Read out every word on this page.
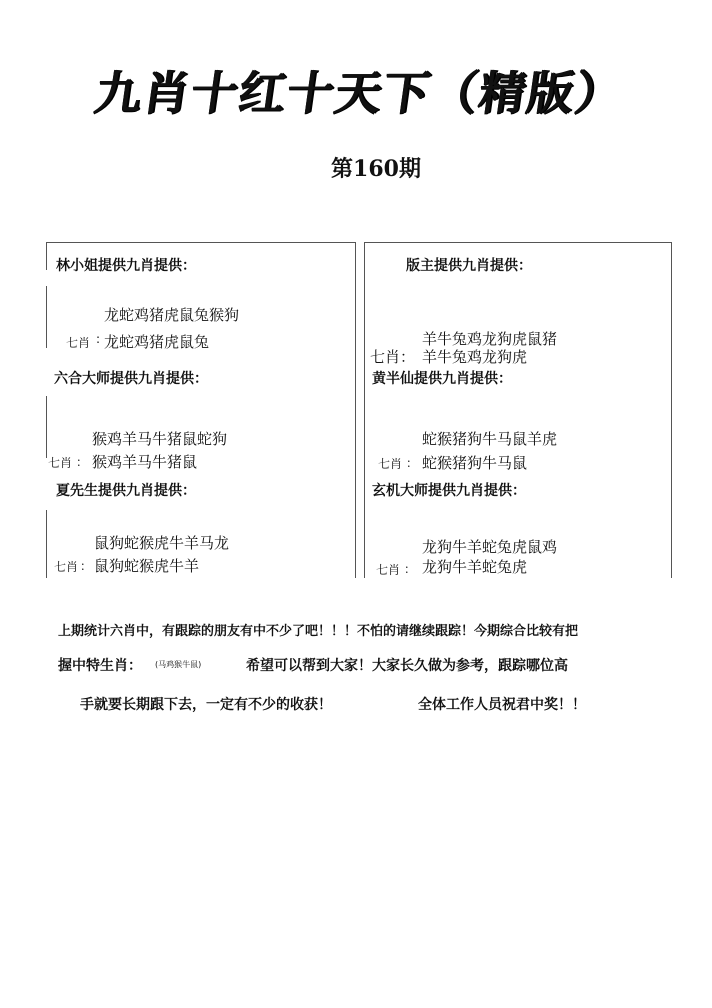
九肖十红十天下（精版）
第160期
林小姐提供九肖提供：
龙蛇鸡猪虎鼠兔猴狗
七肖 : 龙蛇鸡猪虎鼠兔
版主提供九肖提供：
羊牛兔鸡龙狗虎鼠猪
七肖 ： 羊牛兔鸡龙狗虎
六合大师提供九肖提供：
猴鸡羊马牛猪鼠蛇狗
七肖 ： 猴鸡羊马牛猪鼠
黄半仙提供九肖提供：
蛇猴猪狗牛马鼠羊虎
七肖 ： 蛇猴猪狗牛马鼠
夏先生提供九肖提供：
鼠狗蛇猴虎牛羊马龙
七肖 ： 鼠狗蛇猴虎牛羊
玄机大师提供九肖提供：
龙狗牛羊蛇兔虎鼠鸡
七肖 ： 龙狗牛羊蛇兔虎
上期统计六肖中，有跟踪的朋友有中不少了吧！！！不怕的请继续跟踪！今期综合比较有把
握中特生肖： (马鸡猴牛鼠)	希望可以帮到大家！大家长久做为参考，跟踪哪位高
手就要长期跟下去，一定有不少的收获！	全体工作人员祝君中奖！！
